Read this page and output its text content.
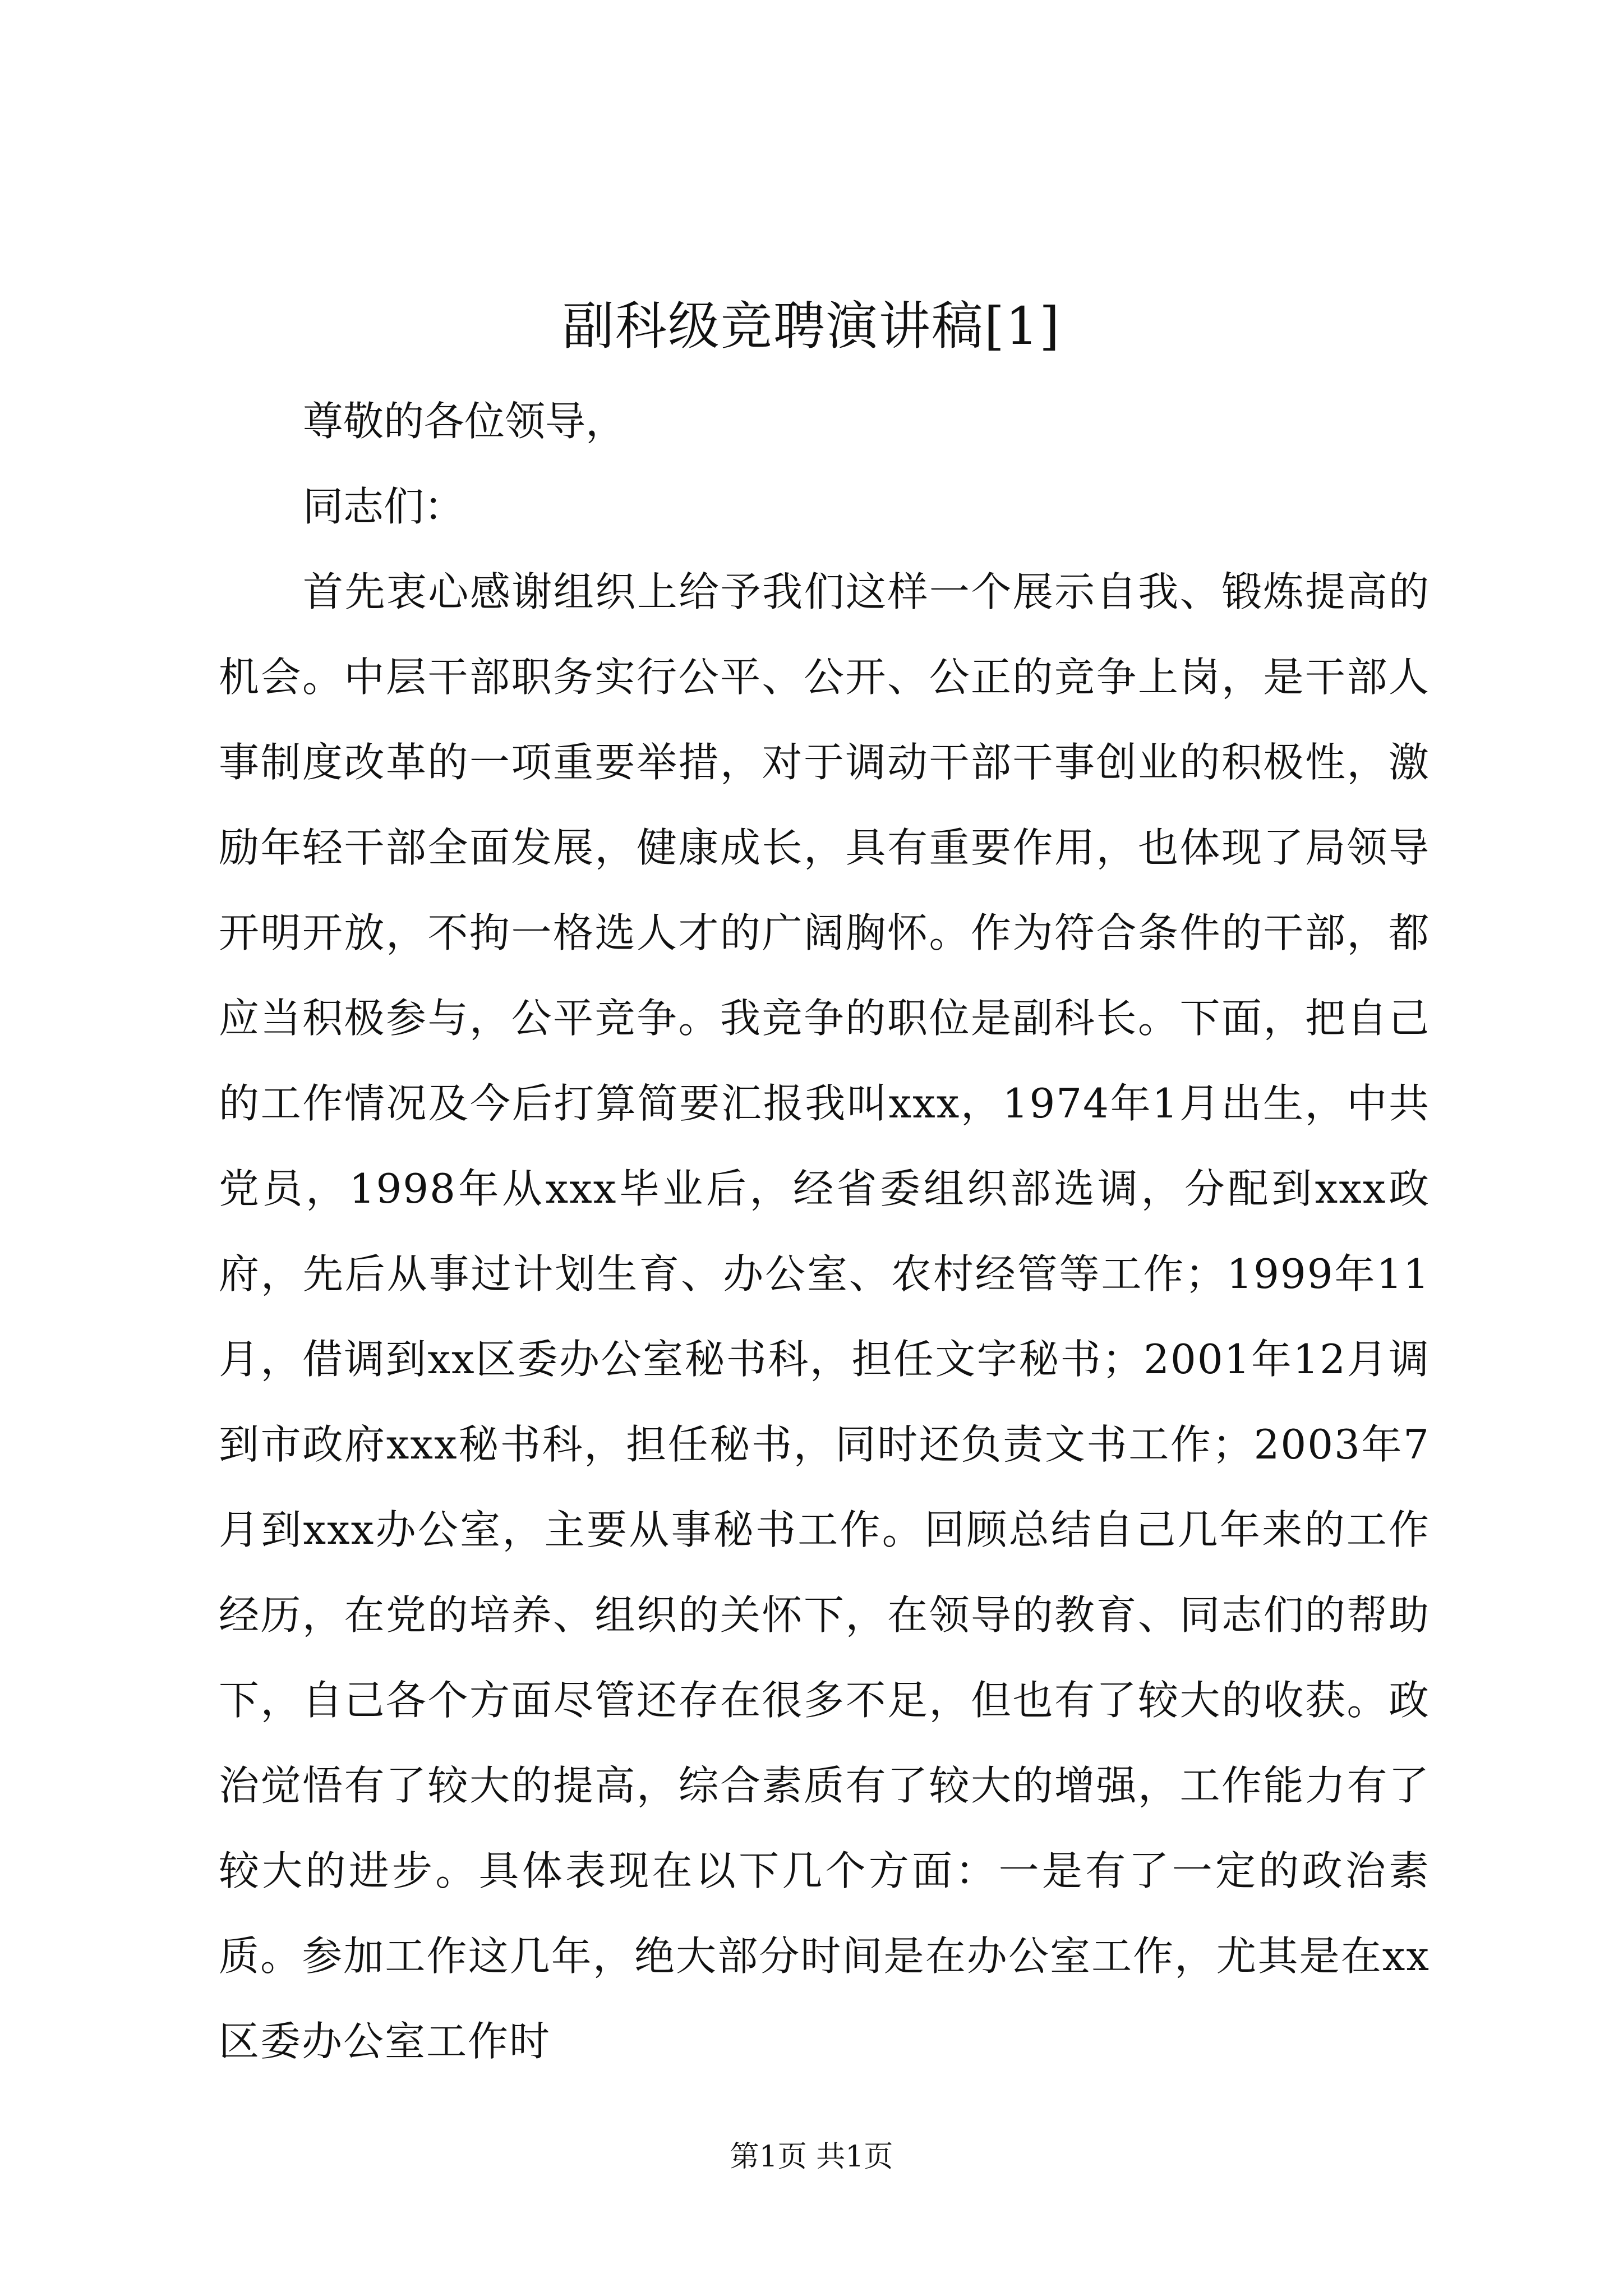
副科级竞聘演讲稿[1]

尊敬的各位领导，

同志们：

首先衷心感谢组织上给予我们这样一个展示自我、锻炼提高的机会。中层干部职务实行公平、公开、公正的竞争上岗，是干部人事制度改革的一项重要举措，对于调动干部干事创业的积极性，激励年轻干部全面发展，健康成长，具有重要作用，也体现了局领导开明开放，不拘一格选人才的广阔胸怀。作为符合条件的干部，都应当积极参与，公平竞争。我竞争的职位是副科长。下面，把自己的工作情况及今后打算简要汇报我叫xxx，1974年1月出生，中共党员，1998年从xxx毕业后，经省委组织部选调，分配到xxx政府，先后从事过计划生育、办公室、农村经管等工作；1999年11月，借调到xx区委办公室秘书科，担任文字秘书；2001年12月调到市政府xxx秘书科，担任秘书，同时还负责文书工作；2003年7月到xxx办公室，主要从事秘书工作。回顾总结自己几年来的工作经历，在党的培养、组织的关怀下，在领导的教育、同志们的帮助下，自己各个方面尽管还存在很多不足，但也有了较大的收获。政治觉悟有了较大的提高，综合素质有了较大的增强，工作能力有了较大的进步。具体表现在以下几个方面：一是有了一定的政治素质。参加工作这几年，绝大部分时间是在办公室工作，尤其是在xx区委办公室工作时

第1页 共1页
